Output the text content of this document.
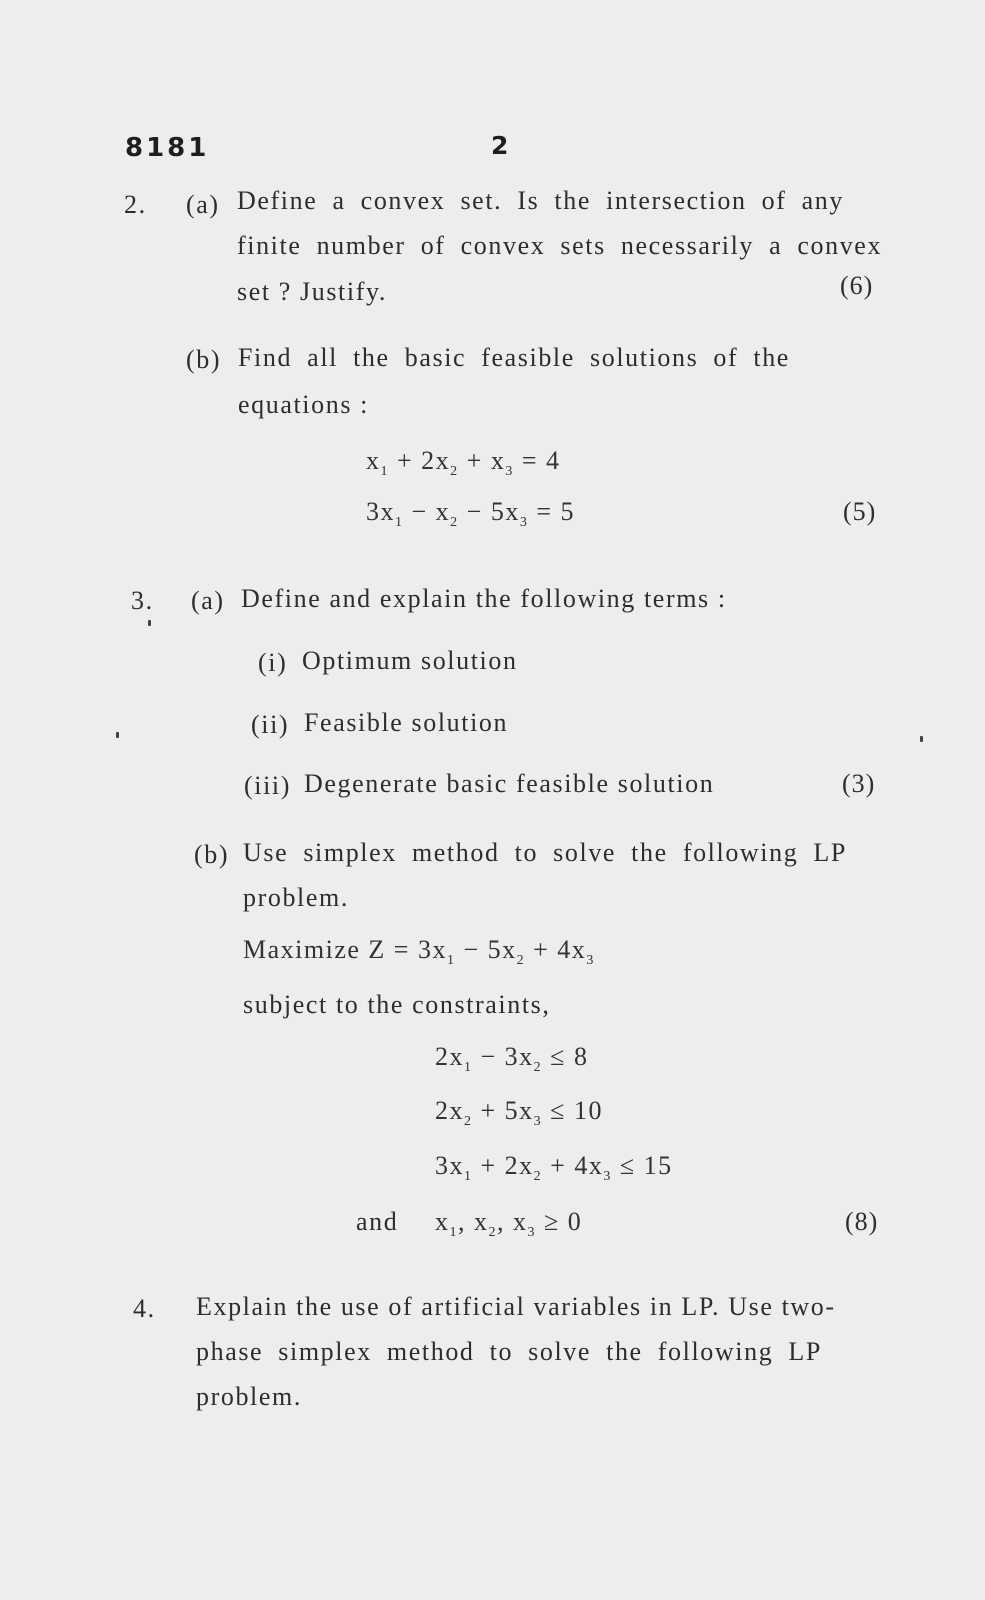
8181	2
2. (a) Define a convex set. Is the intersection of any
finite number of convex sets necessarily a convex
set ? Justify.	(6)
(b) Find all the basic feasible solutions of the
equations :
$x_1 + 2x_2 + x_3 = 4$
$3x_1 - x_2 - 5x_3 = 5$	(5)
3. (a) Define and explain the following terms :
(i) Optimum solution
(ii) Feasible solution
(iii) Degenerate basic feasible solution	(3)
(b) Use simplex method to solve the following LP
problem.
Maximize $Z = 3x_1 - 5x_2 + 4x_3$
subject to the constraints,
$2x_1 - 3x_2 \le 8$
$2x_2 + 5x_3 \le 10$
$3x_1 + 2x_2 + 4x_3 \le 15$
and $x_1$, $x_2$, $x_3 \ge 0$	(8)
4. Explain the use of artificial variables in LP. Use two-
phase simplex method to solve the following LP
problem.
